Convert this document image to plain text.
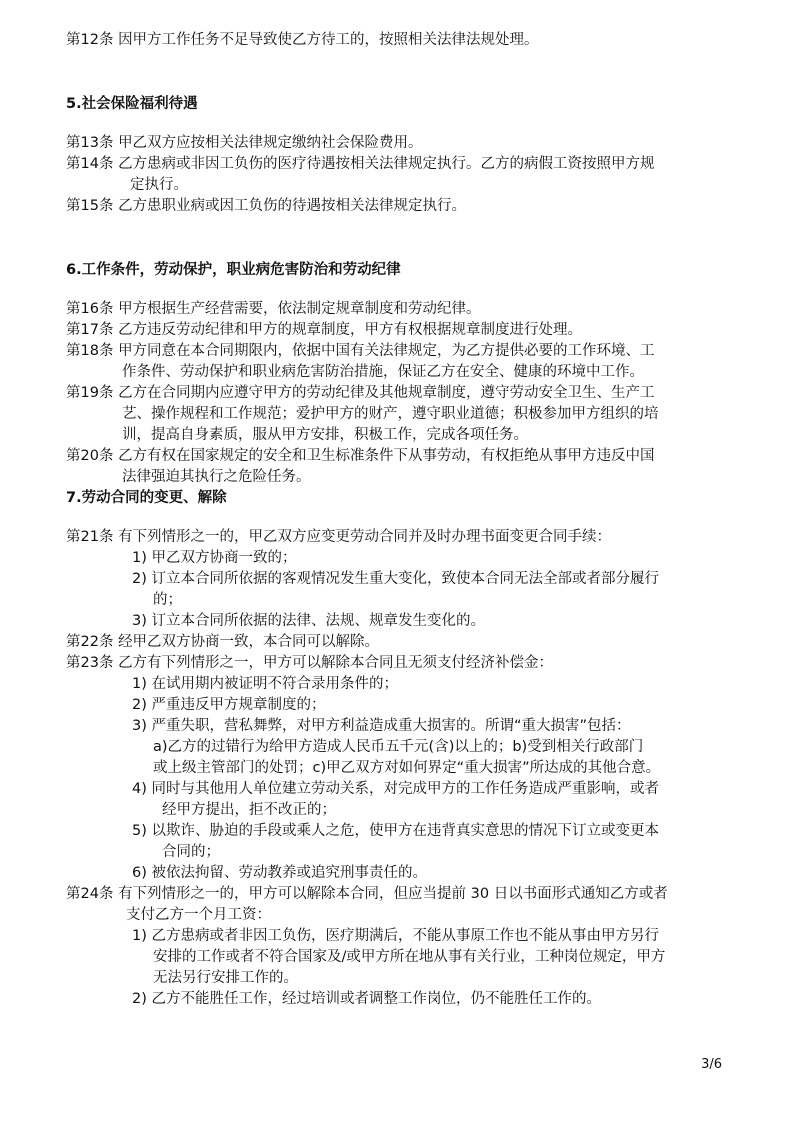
第12条 因甲方工作任务不足导致使乙方待工的，按照相关法律法规处理。
5.社会保险福利待遇
第13条 甲乙双方应按相关法律规定缴纳社会保险费用。
第14条 乙方患病或非因工负伤的医疗待遇按相关法律规定执行。乙方的病假工资按照甲方规
定执行。
第15条 乙方患职业病或因工负伤的待遇按相关法律规定执行。
6.工作条件，劳动保护，职业病危害防治和劳动纪律
第16条 甲方根据生产经营需要，依法制定规章制度和劳动纪律。
第17条 乙方违反劳动纪律和甲方的规章制度，甲方有权根据规章制度进行处理。
第18条 甲方同意在本合同期限内，依据中国有关法律规定，为乙方提供必要的工作环境、工
作条件、劳动保护和职业病危害防治措施，保证乙方在安全、健康的环境中工作。
第19条 乙方在合同期内应遵守甲方的劳动纪律及其他规章制度，遵守劳动安全卫生、生产工
艺、操作规程和工作规范；爱护甲方的财产，遵守职业道德；积极参加甲方组织的培
训，提高自身素质，服从甲方安排，积极工作，完成各项任务。
第20条 乙方有权在国家规定的安全和卫生标准条件下从事劳动，有权拒绝从事甲方违反中国
法律强迫其执行之危险任务。
7.劳动合同的变更、解除
第21条 有下列情形之一的，甲乙双方应变更劳动合同并及时办理书面变更合同手续：
1) 甲乙双方协商一致的；
2) 订立本合同所依据的客观情况发生重大变化，致使本合同无法全部或者部分履行
的；
3) 订立本合同所依据的法律、法规、规章发生变化的。
第22条 经甲乙双方协商一致，本合同可以解除。
第23条 乙方有下列情形之一，甲方可以解除本合同且无须支付经济补偿金：
1) 在试用期内被证明不符合录用条件的；
2) 严重违反甲方规章制度的；
3) 严重失职，营私舞弊，对甲方利益造成重大损害的。所谓“重大损害”包括：
a)乙方的过错行为给甲方造成人民币五千元(含)以上的；b)受到相关行政部门
或上级主管部门的处罚；c)甲乙双方对如何界定“重大损害”所达成的其他合意。
4) 同时与其他用人单位建立劳动关系，对完成甲方的工作任务造成严重影响，或者
经甲方提出，拒不改正的；
5) 以欺诈、胁迫的手段或乘人之危，使甲方在违背真实意思的情况下订立或变更本
合同的；
6) 被依法拘留、劳动教养或追究刑事责任的。
第24条 有下列情形之一的，甲方可以解除本合同，但应当提前 30 日以书面形式通知乙方或者
支付乙方一个月工资：
1) 乙方患病或者非因工负伤，医疗期满后，不能从事原工作也不能从事由甲方另行
安排的工作或者不符合国家及/或甲方所在地从事有关行业，工种岗位规定，甲方
无法另行安排工作的。
2) 乙方不能胜任工作，经过培训或者调整工作岗位，仍不能胜任工作的。
3/6
